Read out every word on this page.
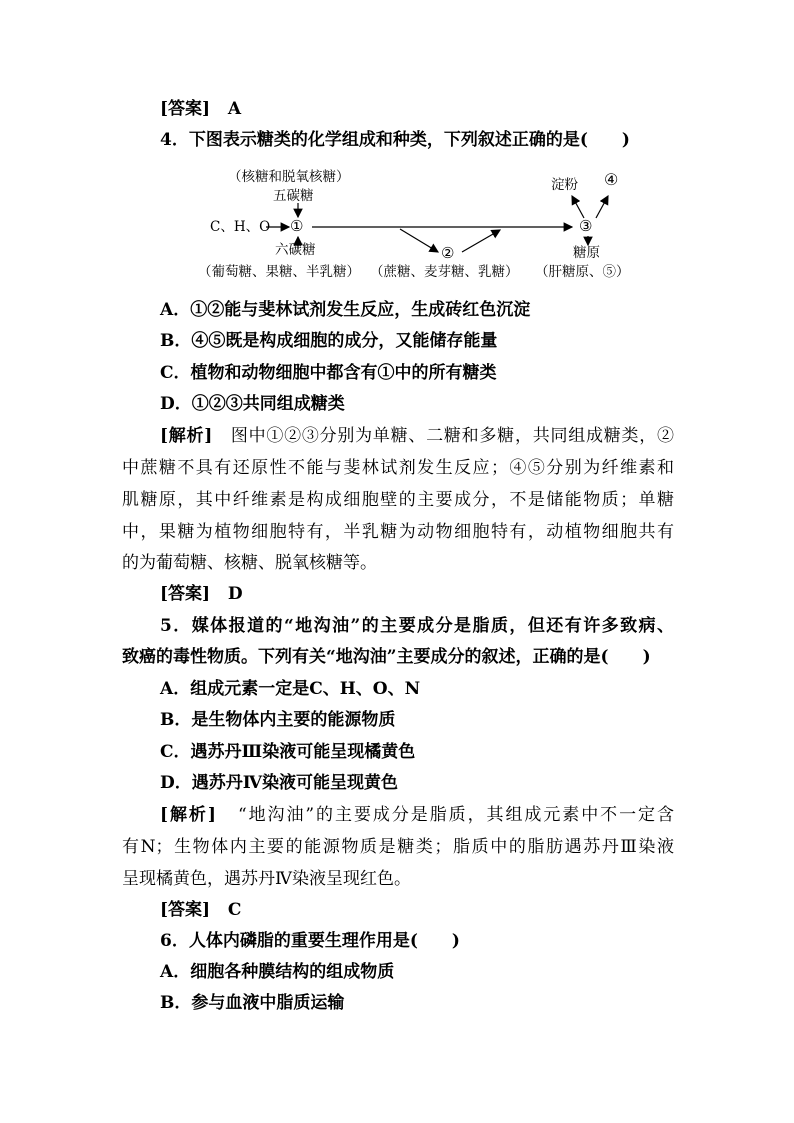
[答案] A
4．下图表示糖类的化学组成和种类，下列叙述正确的是(　　)
（核糖和脱氧核糖）
五碳糖
C、H、O ①
六碳糖
（葡萄糖、果糖、半乳糖）
②
（蔗糖、麦芽糖、乳糖）
③
淀粉 ④
糖原
（肝糖原、⑤）
A．①②能与斐林试剂发生反应，生成砖红色沉淀
B．④⑤既是构成细胞的成分，又能储存能量
C．植物和动物细胞中都含有①中的所有糖类
D．①②③共同组成糖类
[解析] 图中①②③分别为单糖、二糖和多糖，共同组成糖类，②
中蔗糖不具有还原性不能与斐林试剂发生反应；④⑤分别为纤维素和
肌糖原，其中纤维素是构成细胞壁的主要成分，不是储能物质；单糖
中，果糖为植物细胞特有，半乳糖为动物细胞特有，动植物细胞共有
的为葡萄糖、核糖、脱氧核糖等。
[答案] D
5．媒体报道的“地沟油”的主要成分是脂质，但还有许多致病、
致癌的毒性物质。下列有关“地沟油”主要成分的叙述，正确的是(　　)
A．组成元素一定是C、H、O、N
B．是生物体内主要的能源物质
C．遇苏丹Ⅲ染液可能呈现橘黄色
D．遇苏丹Ⅳ染液可能呈现黄色
[解析] “地沟油”的主要成分是脂质，其组成元素中不一定含
有N；生物体内主要的能源物质是糖类；脂质中的脂肪遇苏丹Ⅲ染液
呈现橘黄色，遇苏丹Ⅳ染液呈现红色。
[答案] C
6．人体内磷脂的重要生理作用是(　　)
A．细胞各种膜结构的组成物质
B．参与血液中脂质运输
